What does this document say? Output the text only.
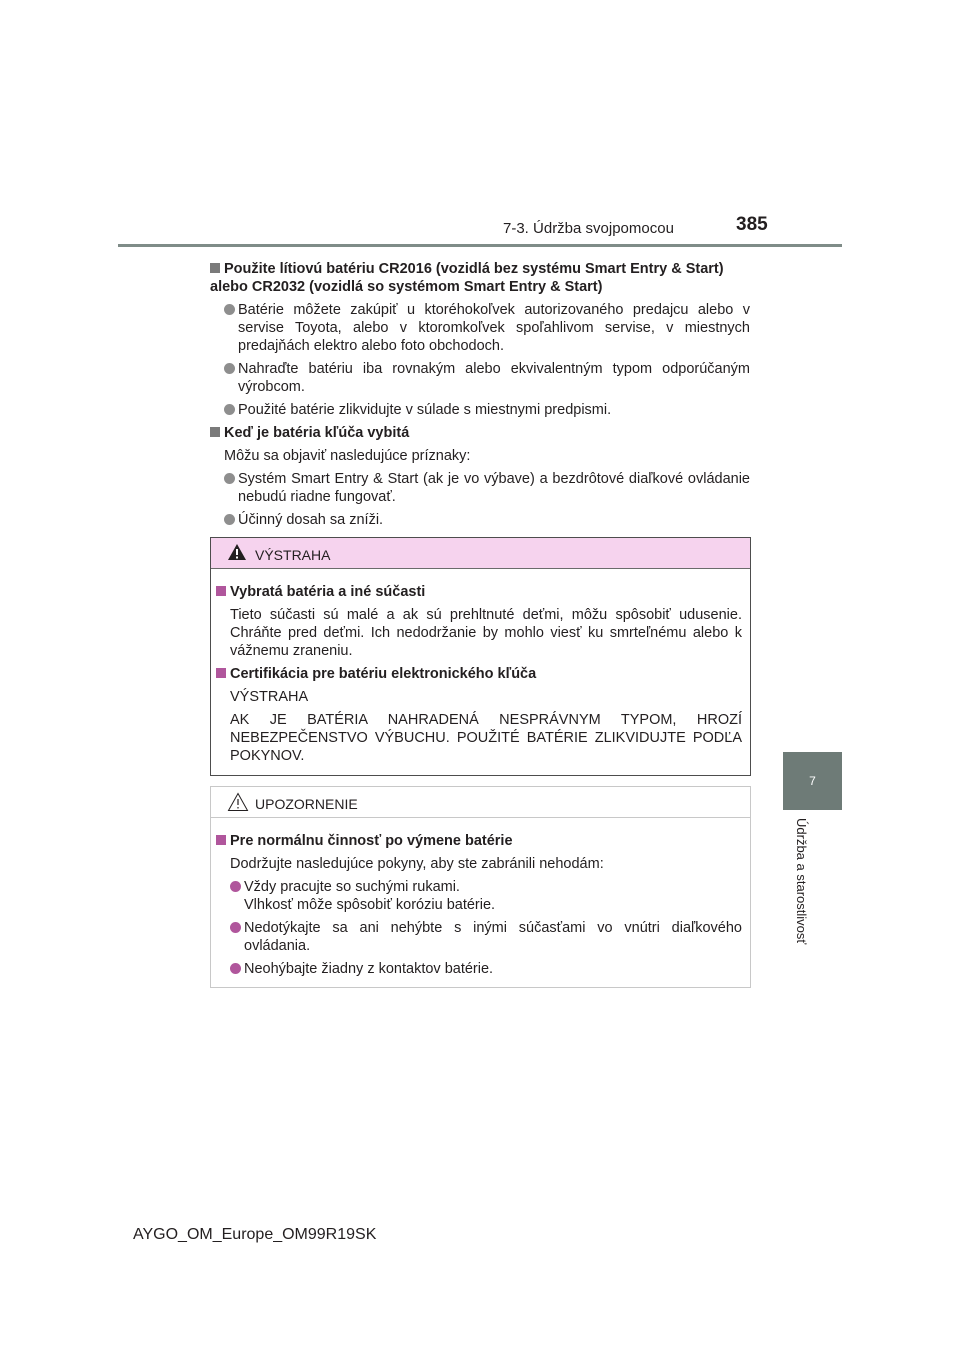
7-3. Údržba svojpomocou	385
7
Údržba a starostlivosť

Použite lítiovú batériu CR2016 (vozidlá bez systému Smart Entry & Start) alebo CR2032 (vozidlá so systémom Smart Entry & Start)

Batérie môžete zakúpiť u ktoréhokoľvek autorizovaného predajcu alebo v servise Toyota, alebo v ktoromkoľvek spoľahlivom servise, v miestnych predajňách elektro alebo foto obchodoch.

Nahraďte batériu iba rovnakým alebo ekvivalentným typom odporúčaným výrobcom.

Použité batérie zlikvidujte v súlade s miestnymi predpismi.

Keď je batéria kľúča vybitá

Môžu sa objaviť nasledujúce príznaky:

Systém Smart Entry & Start (ak je vo výbave) a bezdrôtové diaľkové ovládanie nebudú riadne fungovať.

Účinný dosah sa zníži.

VÝSTRAHA

Vybratá batéria a iné súčasti

Tieto súčasti sú malé a ak sú prehltnuté deťmi, môžu spôsobiť udusenie. Chráňte pred deťmi. Ich nedodržanie by mohlo viesť ku smrteľnému alebo k vážnemu zraneniu.

Certifikácia pre batériu elektronického kľúča

VÝSTRAHA

AK JE BATÉRIA NAHRADENÁ NESPRÁVNYM TYPOM, HROZÍ NEBEZPEČENSTVO VÝBUCHU. POUŽITÉ BATÉRIE ZLIKVIDUJTE PODĽA POKYNOV.

UPOZORNENIE

Pre normálnu činnosť po výmene batérie

Dodržujte nasledujúce pokyny, aby ste zabránili nehodám:

Vždy pracujte so suchými rukami.
Vlhkosť môže spôsobiť koróziu batérie.

Nedotýkajte sa ani nehýbte s inými súčasťami vo vnútri diaľkového ovládania.

Neohýbajte žiadny z kontaktov batérie.

AYGO_OM_Europe_OM99R19SK
